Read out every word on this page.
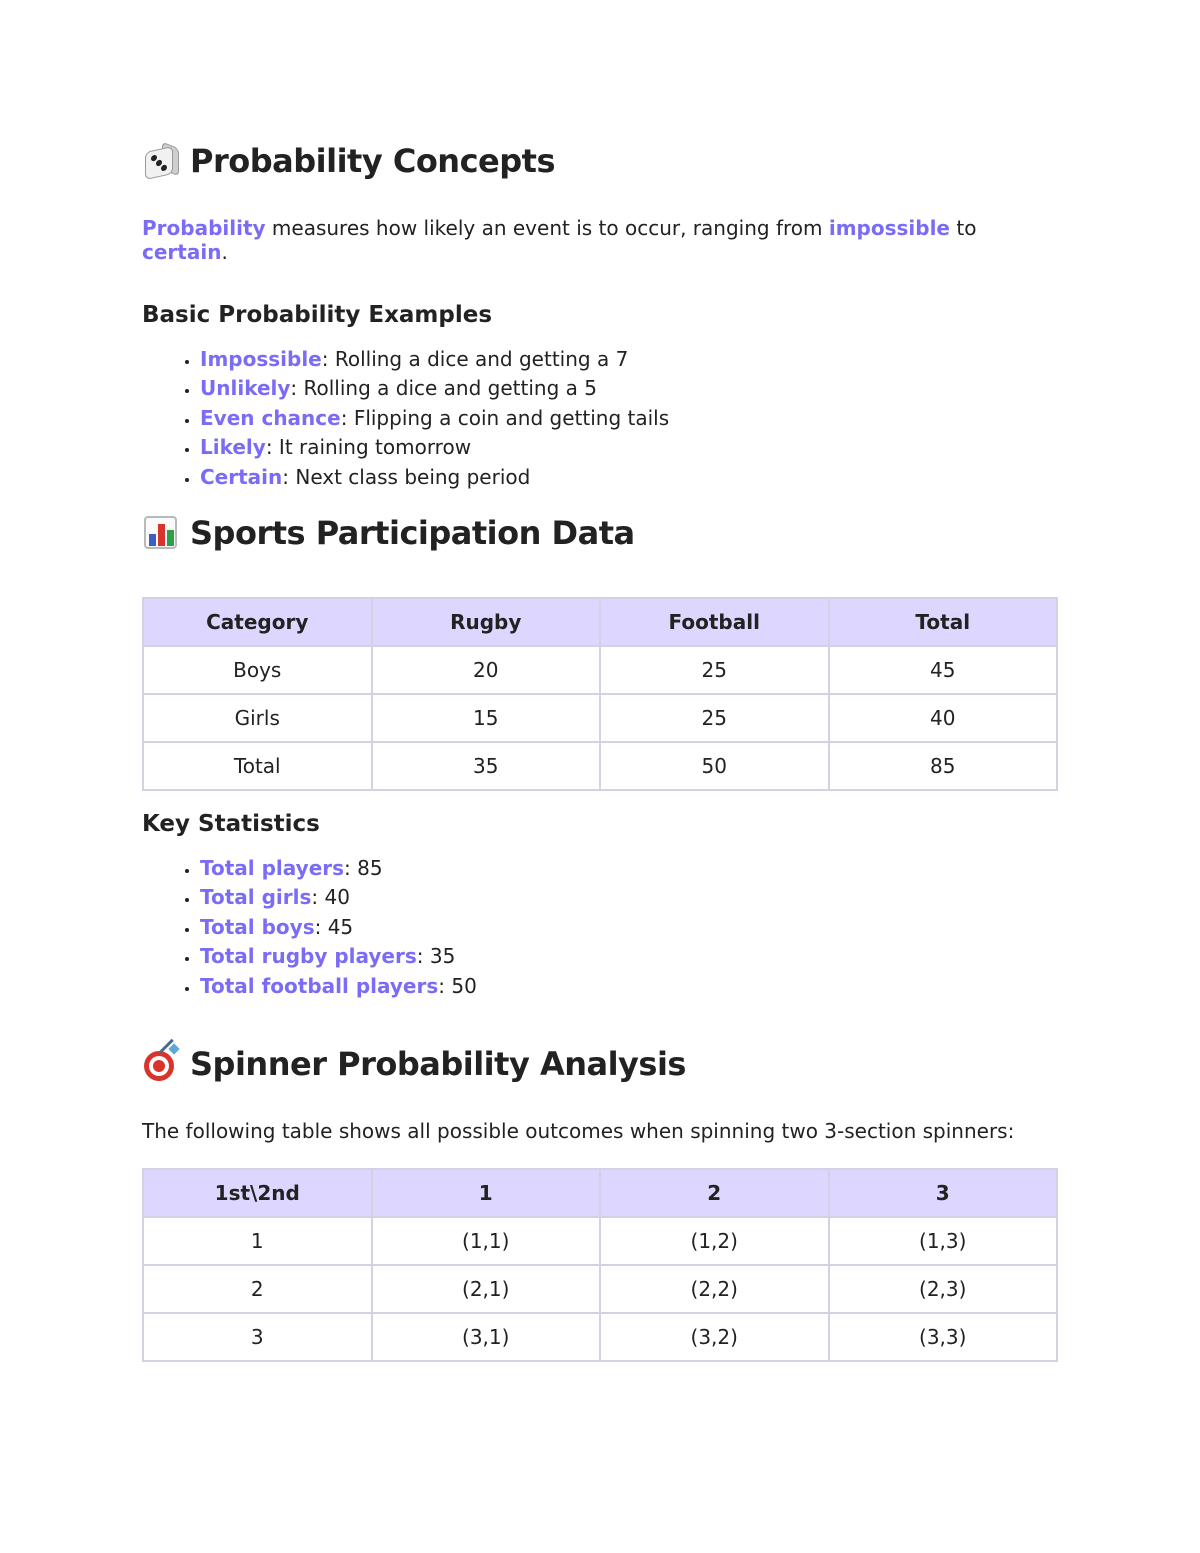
Probability Concepts

Probability measures how likely an event is to occur, ranging from impossible to certain.

Basic Probability Examples
• Impossible: Rolling a dice and getting a 7
• Unlikely: Rolling a dice and getting a 5
• Even chance: Flipping a coin and getting tails
• Likely: It raining tomorrow
• Certain: Next class being period
Sports Participation Data
Category	Rugby	Football	Total
Boys	20	25	45
Girls	15	25	40
Total	35	50	85
Key Statistics
• Total players: 85
• Total girls: 40
• Total boys: 45
• Total rugby players: 35
• Total football players: 50
Spinner Probability Analysis

The following table shows all possible outcomes when spinning two 3-section spinners:

1st\2nd	1	2	3
1	(1,1)	(1,2)	(1,3)
2	(2,1)	(2,2)	(2,3)
3	(3,1)	(3,2)	(3,3)
